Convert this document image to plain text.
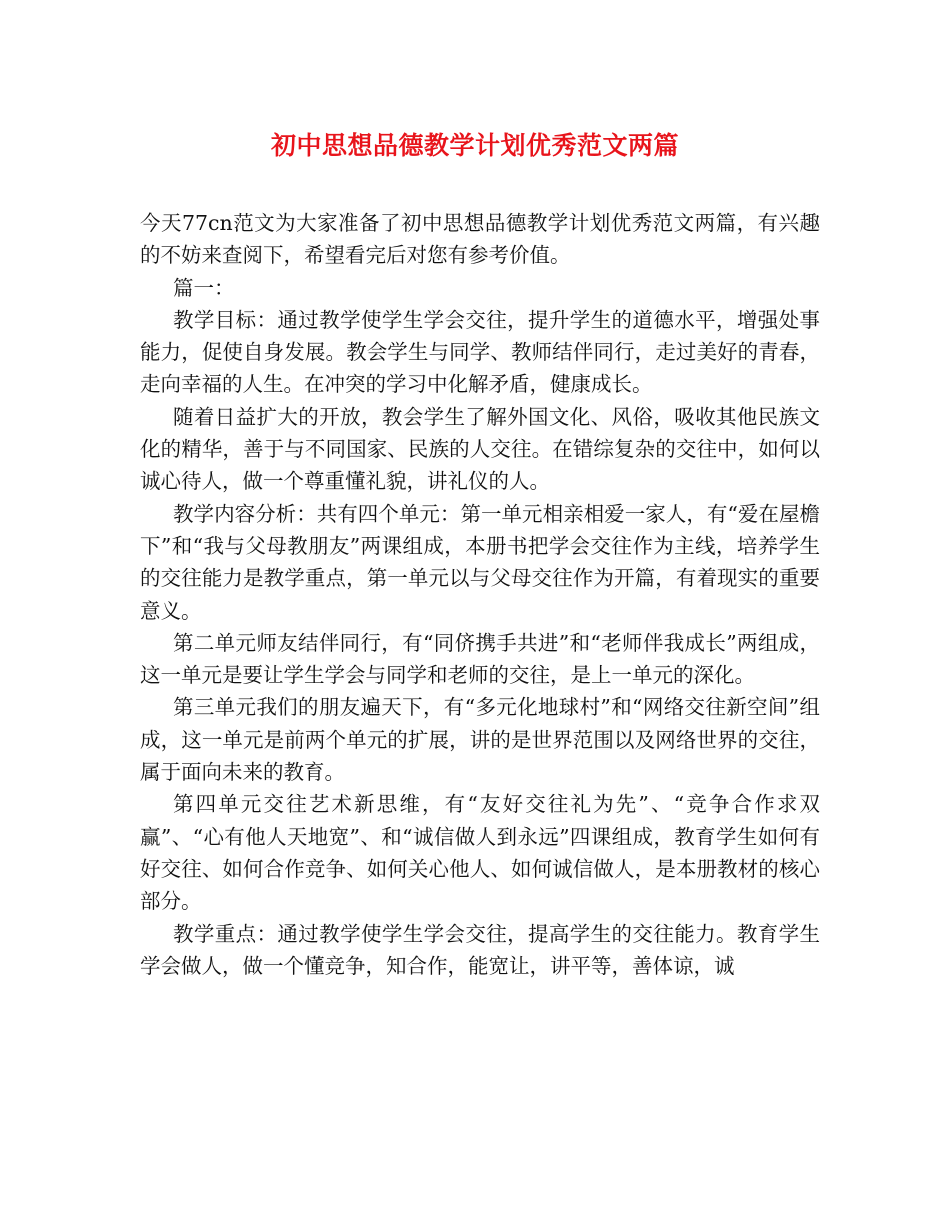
初中思想品德教学计划优秀范文两篇

今天77cn范文为大家准备了初中思想品德教学计划优秀范文两篇，有兴趣的不妨来查阅下，希望看完后对您有参考价值。

篇一：

教学目标：通过教学使学生学会交往，提升学生的道德水平，增强处事能力，促使自身发展。教会学生与同学、教师结伴同行，走过美好的青春，走向幸福的人生。在冲突的学习中化解矛盾，健康成长。

随着日益扩大的开放，教会学生了解外国文化、风俗，吸收其他民族文化的精华，善于与不同国家、民族的人交往。在错综复杂的交往中，如何以诚心待人，做一个尊重懂礼貌，讲礼仪的人。

教学内容分析：共有四个单元：第一单元相亲相爱一家人，有“爱在屋檐下”和“我与父母教朋友”两课组成，本册书把学会交往作为主线，培养学生的交往能力是教学重点，第一单元以与父母交往作为开篇，有着现实的重要意义。

第二单元师友结伴同行，有“同侪携手共进”和“老师伴我成长”两组成，这一单元是要让学生学会与同学和老师的交往，是上一单元的深化。

第三单元我们的朋友遍天下，有“多元化地球村”和“网络交往新空间”组成，这一单元是前两个单元的扩展，讲的是世界范围以及网络世界的交往，属于面向未来的教育。

第四单元交往艺术新思维，有“友好交往礼为先”、“竞争合作求双赢”、“心有他人天地宽”、和“诚信做人到永远”四课组成，教育学生如何有好交往、如何合作竞争、如何关心他人、如何诚信做人，是本册教材的核心部分。

教学重点：通过教学使学生学会交往，提高学生的交往能力。教育学生学会做人，做一个懂竞争，知合作，能宽让，讲平等，善体谅，诚
